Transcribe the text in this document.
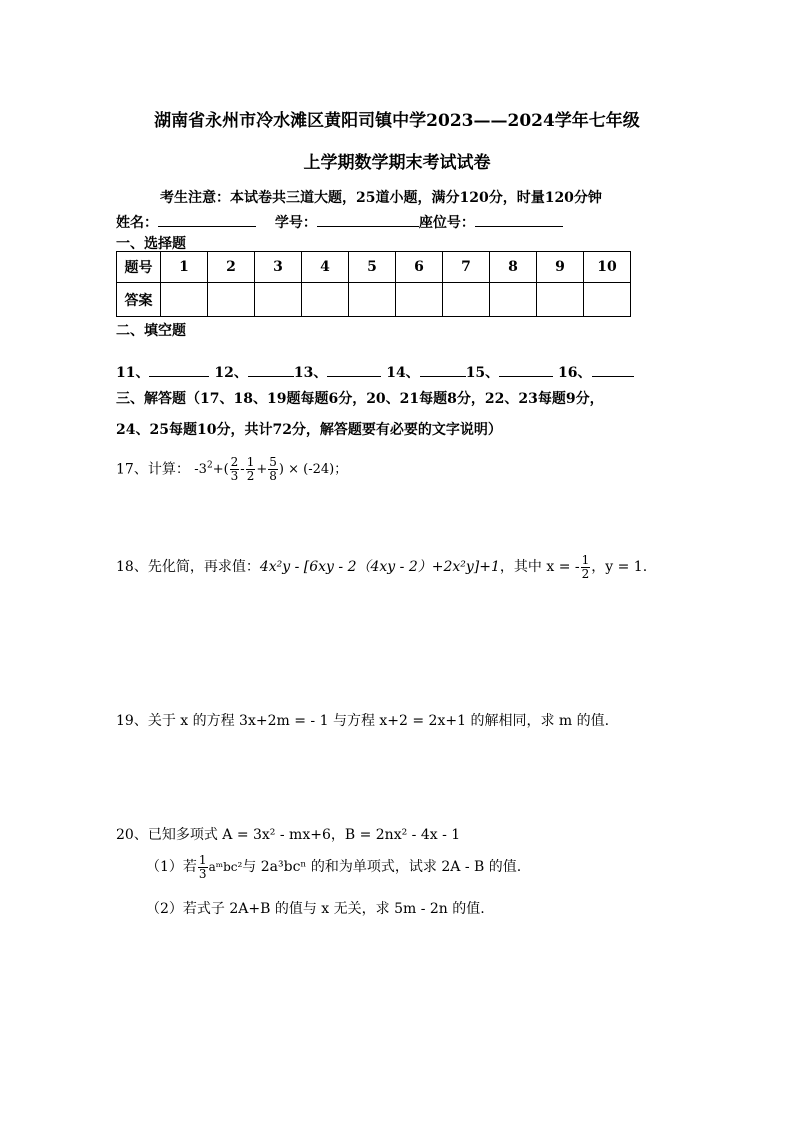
湖南省永州市冷水滩区黄阳司镇中学2023——2024学年七年级
上学期数学期末考试试卷
考生注意：本试卷共三道大题，25道小题，满分120分，时量120分钟
姓名：	学号：	座位号：
一、选择题
题号	1	2	3	4	5	6	7	8	9	10
答案										
二、填空题
11、	12、	13、	14、	15、	16、
三、解答题（17、18、19题每题6分，20、21每题8分，22、23每题9分，
24、25每题10分，共计72分，解答题要有必要的文字说明）
17、计算： $-3^2+( \frac{2}{3} - \frac{1}{2} + \frac{5}{8}$ ) × (-24)；
18、先化简，再求值：4x²y - [6xy - 2（4xy - 2）+2x²y]+1，其中 x = - $\frac{1}{2}$ ，y = 1.
19、关于 x 的方程 3x+2m = - 1 与方程 x+2 = 2x+1 的解相同，求 m 的值.
20、已知多项式 A = 3x² - mx+6，B = 2nx² - 4x - 1
（1）若 $\frac{1}{3}$ aᵐbc²与 2a³bcⁿ 的和为单项式，试求 2A - B 的值.
（2）若式子 2A+B 的值与 x 无关，求 5m - 2n 的值.
